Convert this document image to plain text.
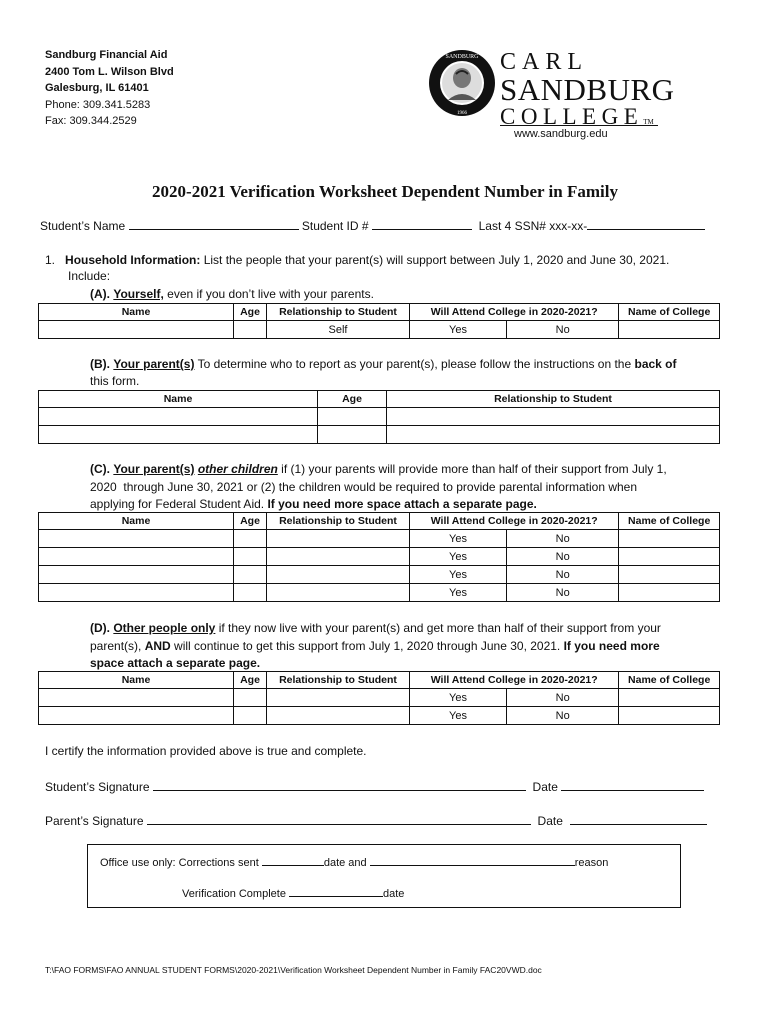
Sandburg Financial Aid
2400 Tom L. Wilson Blvd
Galesburg, IL 61401
Phone: 309.341.5283
Fax: 309.344.2529
SANDBURG
1966
CARL
SANDBURG
COLLEGETM
www.sandburg.edu
2020-2021 Verification Worksheet Dependent Number in Family
Student’s Name	Student ID #	Last 4 SSN# xxx-xx-
1. Household Information: List the people that your parent(s) will support between July 1, 2020 and June 30, 2021.
Include:
(A). Yourself, even if you don’t live with your parents.
Name	Age	Relationship to Student	Will Attend College in 2020-2021?		Name of College
		Self	Yes	No	
(B). Your parent(s) To determine who to report as your parent(s), please follow the instructions on the back of
this form.
Name	Age	Relationship to Student

(C). Your parent(s) other children if (1) your parents will provide more than half of their support from July 1,
2020  through June 30, 2021 or (2) the children would be required to provide parental information when
applying for Federal Student Aid. If you need more space attach a separate page.
Name	Age	Relationship to Student	Will Attend College in 2020-2021?		Name of College
			Yes	No	
			Yes	No	
			Yes	No	
			Yes	No	
(D). Other people only if they now live with your parent(s) and get more than half of their support from your
parent(s), AND will continue to get this support from July 1, 2020 through June 30, 2021. If you need more
space attach a separate page.
Name	Age	Relationship to Student	Will Attend College in 2020-2021?		Name of College
			Yes	No	
			Yes	No	
I certify the information provided above is true and complete.
Student’s Signature	Date
Parent’s Signature	Date
Office use only: Corrections sent	date and	reason
Verification Complete	date
T:\FAO FORMS\FAO ANNUAL STUDENT FORMS\2020-2021\Verification Worksheet Dependent Number in Family FAC20VWD.doc
